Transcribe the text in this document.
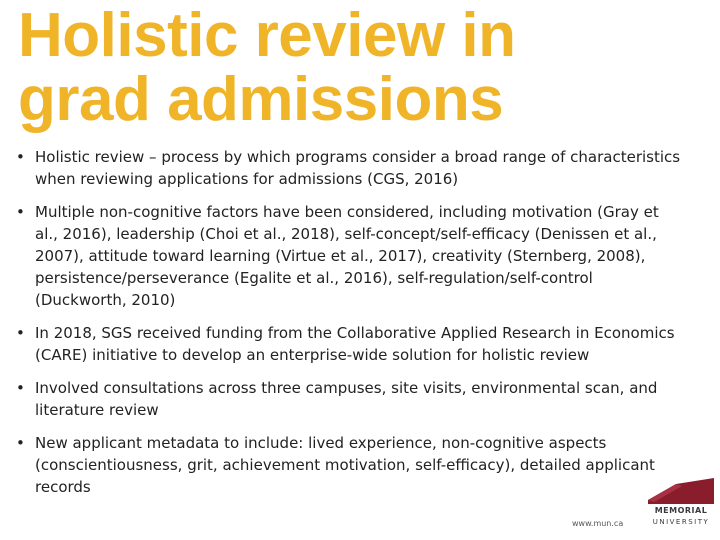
Holistic review in
grad admissions
• Holistic review – process by which programs consider a broad range of characteristics when reviewing applications for admissions (CGS, 2016)
• Multiple non-cognitive factors have been considered, including motivation (Gray et al., 2016), leadership (Choi et al., 2018), self-concept/self-efficacy (Denissen et al., 2007), attitude toward learning (Virtue et al., 2017), creativity (Sternberg, 2008), persistence/perseverance (Egalite et al., 2016), self-regulation/self-control (Duckworth, 2010)
• In 2018, SGS received funding from the Collaborative Applied Research in Economics (CARE) initiative to develop an enterprise-wide solution for holistic review
• Involved consultations across three campuses, site visits, environmental scan, and literature review
• New applicant metadata to include: lived experience, non-cognitive aspects (conscientiousness, grit, achievement motivation, self-efficacy), detailed applicant records
www.mun.ca
MEMORIAL
UNIVERSITY
